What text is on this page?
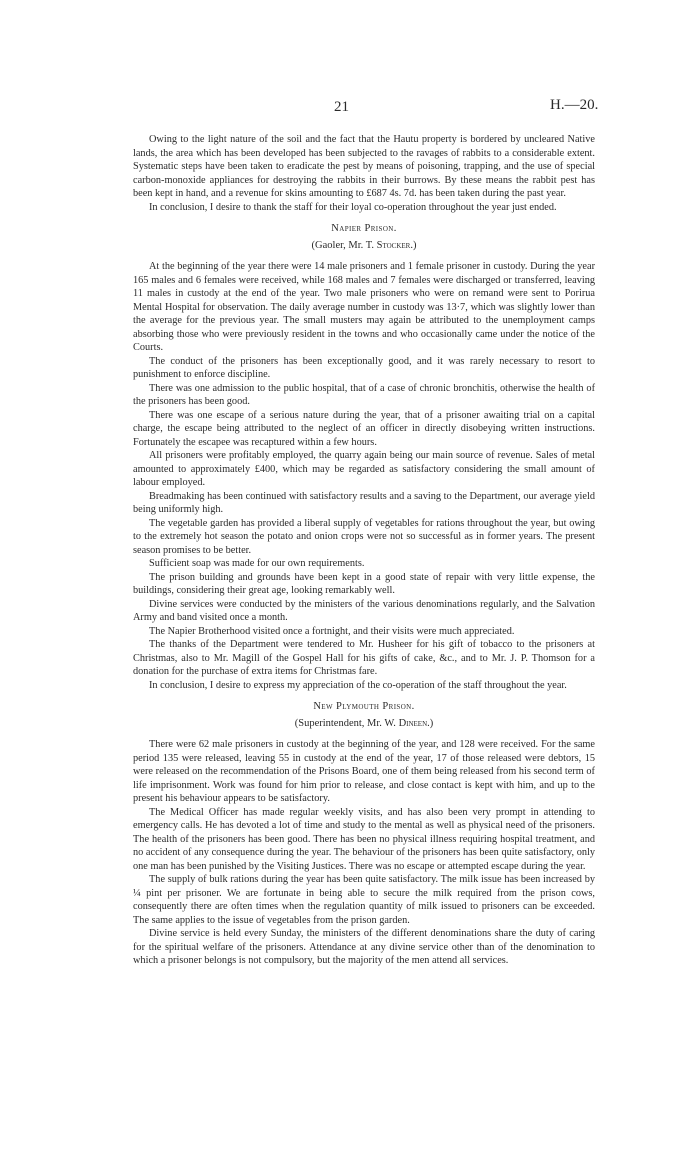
21	H.—20.

Owing to the light nature of the soil and the fact that the Hautu property is bordered by uncleared Native lands, the area which has been developed has been subjected to the ravages of rabbits to a considerable extent. Systematic steps have been taken to eradicate the pest by means of poisoning, trapping, and the use of special carbon-monoxide appliances for destroying the rabbits in their burrows. By these means the rabbit pest has been kept in hand, and a revenue for skins amounting to £687 4s. 7d. has been taken during the past year.

In conclusion, I desire to thank the staff for their loyal co-operation throughout the year just ended.

Napier Prison.

(Gaoler, Mr. T. Stocker.)

At the beginning of the year there were 14 male prisoners and 1 female prisoner in custody. During the year 165 males and 6 females were received, while 168 males and 7 females were discharged or transferred, leaving 11 males in custody at the end of the year. Two male prisoners who were on remand were sent to Porirua Mental Hospital for observation. The daily average number in custody was 13·7, which was slightly lower than the average for the previous year. The small musters may again be attributed to the unemployment camps absorbing those who were previously resident in the towns and who occasionally came under the notice of the Courts.

The conduct of the prisoners has been exceptionally good, and it was rarely necessary to resort to punishment to enforce discipline.

There was one admission to the public hospital, that of a case of chronic bronchitis, otherwise the health of the prisoners has been good.

There was one escape of a serious nature during the year, that of a prisoner awaiting trial on a capital charge, the escape being attributed to the neglect of an officer in directly disobeying written instructions. Fortunately the escapee was recaptured within a few hours.

All prisoners were profitably employed, the quarry again being our main source of revenue. Sales of metal amounted to approximately £400, which may be regarded as satisfactory considering the small amount of labour employed.

Breadmaking has been continued with satisfactory results and a saving to the Department, our average yield being uniformly high.

The vegetable garden has provided a liberal supply of vegetables for rations throughout the year, but owing to the extremely hot season the potato and onion crops were not so successful as in former years. The present season promises to be better.

Sufficient soap was made for our own requirements.

The prison building and grounds have been kept in a good state of repair with very little expense, the buildings, considering their great age, looking remarkably well.

Divine services were conducted by the ministers of the various denominations regularly, and the Salvation Army and band visited once a month.

The Napier Brotherhood visited once a fortnight, and their visits were much appreciated.

The thanks of the Department were tendered to Mr. Husheer for his gift of tobacco to the prisoners at Christmas, also to Mr. Magill of the Gospel Hall for his gifts of cake, &c., and to Mr. J. P. Thomson for a donation for the purchase of extra items for Christmas fare.

In conclusion, I desire to express my appreciation of the co-operation of the staff throughout the year.

New Plymouth Prison.

(Superintendent, Mr. W. Dineen.)

There were 62 male prisoners in custody at the beginning of the year, and 128 were received. For the same period 135 were released, leaving 55 in custody at the end of the year, 17 of those released were debtors, 15 were released on the recommendation of the Prisons Board, one of them being released from his second term of life imprisonment. Work was found for him prior to release, and close contact is kept with him, and up to the present his behaviour appears to be satisfactory.

The Medical Officer has made regular weekly visits, and has also been very prompt in attending to emergency calls. He has devoted a lot of time and study to the mental as well as physical need of the prisoners. The health of the prisoners has been good. There has been no physical illness requiring hospital treatment, and no accident of any consequence during the year. The behaviour of the prisoners has been quite satisfactory, only one man has been punished by the Visiting Justices. There was no escape or attempted escape during the year.

The supply of bulk rations during the year has been quite satisfactory. The milk issue has been increased by ¼ pint per prisoner. We are fortunate in being able to secure the milk required from the prison cows, consequently there are often times when the regulation quantity of milk issued to prisoners can be exceeded. The same applies to the issue of vegetables from the prison garden.

Divine service is held every Sunday, the ministers of the different denominations share the duty of caring for the spiritual welfare of the prisoners. Attendance at any divine service other than of the denomination to which a prisoner belongs is not compulsory, but the majority of the men attend all services.
